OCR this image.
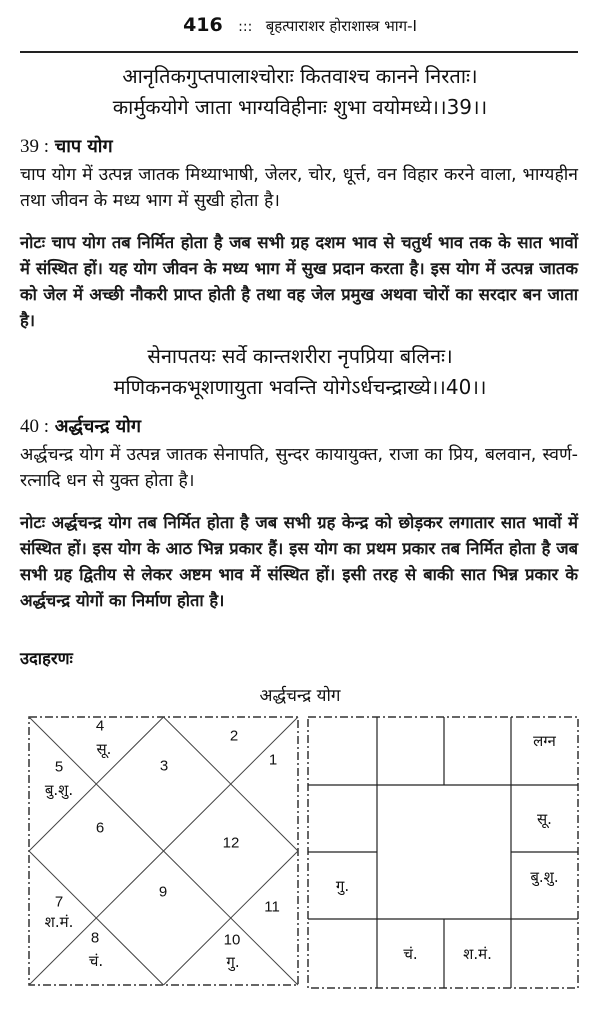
416 ::: बृहत्पाराशर होराशास्त्र भाग-I
आनृतिकगुप्तपालाश्चोराः कितवाश्च कानने निरताः।
कार्मुकयोगे जाता भाग्यविहीनाः शुभा वयोमध्ये।।39।।
39 : चाप योग
चाप योग में उत्पन्न जातक मिथ्याभाषी, जेलर, चोर, धूर्त्त, वन विहार करने वाला, भाग्यहीन तथा जीवन के मध्य भाग में सुखी होता है।
नोटः चाप योग तब निर्मित होता है जब सभी ग्रह दशम भाव से चतुर्थ भाव तक के सात भावों में संस्थित हों। यह योग जीवन के मध्य भाग में सुख प्रदान करता है। इस योग में उत्पन्न जातक को जेल में अच्छी नौकरी प्राप्त होती है तथा वह जेल प्रमुख अथवा चोरों का सरदार बन जाता है।
सेनापतयः सर्वे कान्तशरीरा नृपप्रिया बलिनः।
मणिकनकभूशणायुता भवन्ति योगेऽर्धचन्द्राख्ये।।40।।
40 : अर्द्धचन्द्र योग
अर्द्धचन्द्र योग में उत्पन्न जातक सेनापति, सुन्दर कायायुक्त, राजा का प्रिय, बलवान, स्वर्ण-रत्नादि धन से युक्त होता है।
नोटः अर्द्धचन्द्र योग तब निर्मित होता है जब सभी ग्रह केन्द्र को छोड़कर लगातार सात भावों में संस्थित हों। इस योग के आठ भिन्न प्रकार हैं। इस योग का प्रथम प्रकार तब निर्मित होता है जब सभी ग्रह द्वितीय से लेकर अष्टम भाव में संस्थित हों। इसी तरह से बाकी सात भिन्न प्रकार के अर्द्धचन्द्र योगों का निर्माण होता है।
उदाहरणः
अर्द्धचन्द्र योग
4
सू.
2
3	1
5
बु.शु.
6
12
9
7
श.मं.
11
8
चं.
10
गु.
लग्न
सू.
बु.शु.
श.मं.
चं.
गु.
